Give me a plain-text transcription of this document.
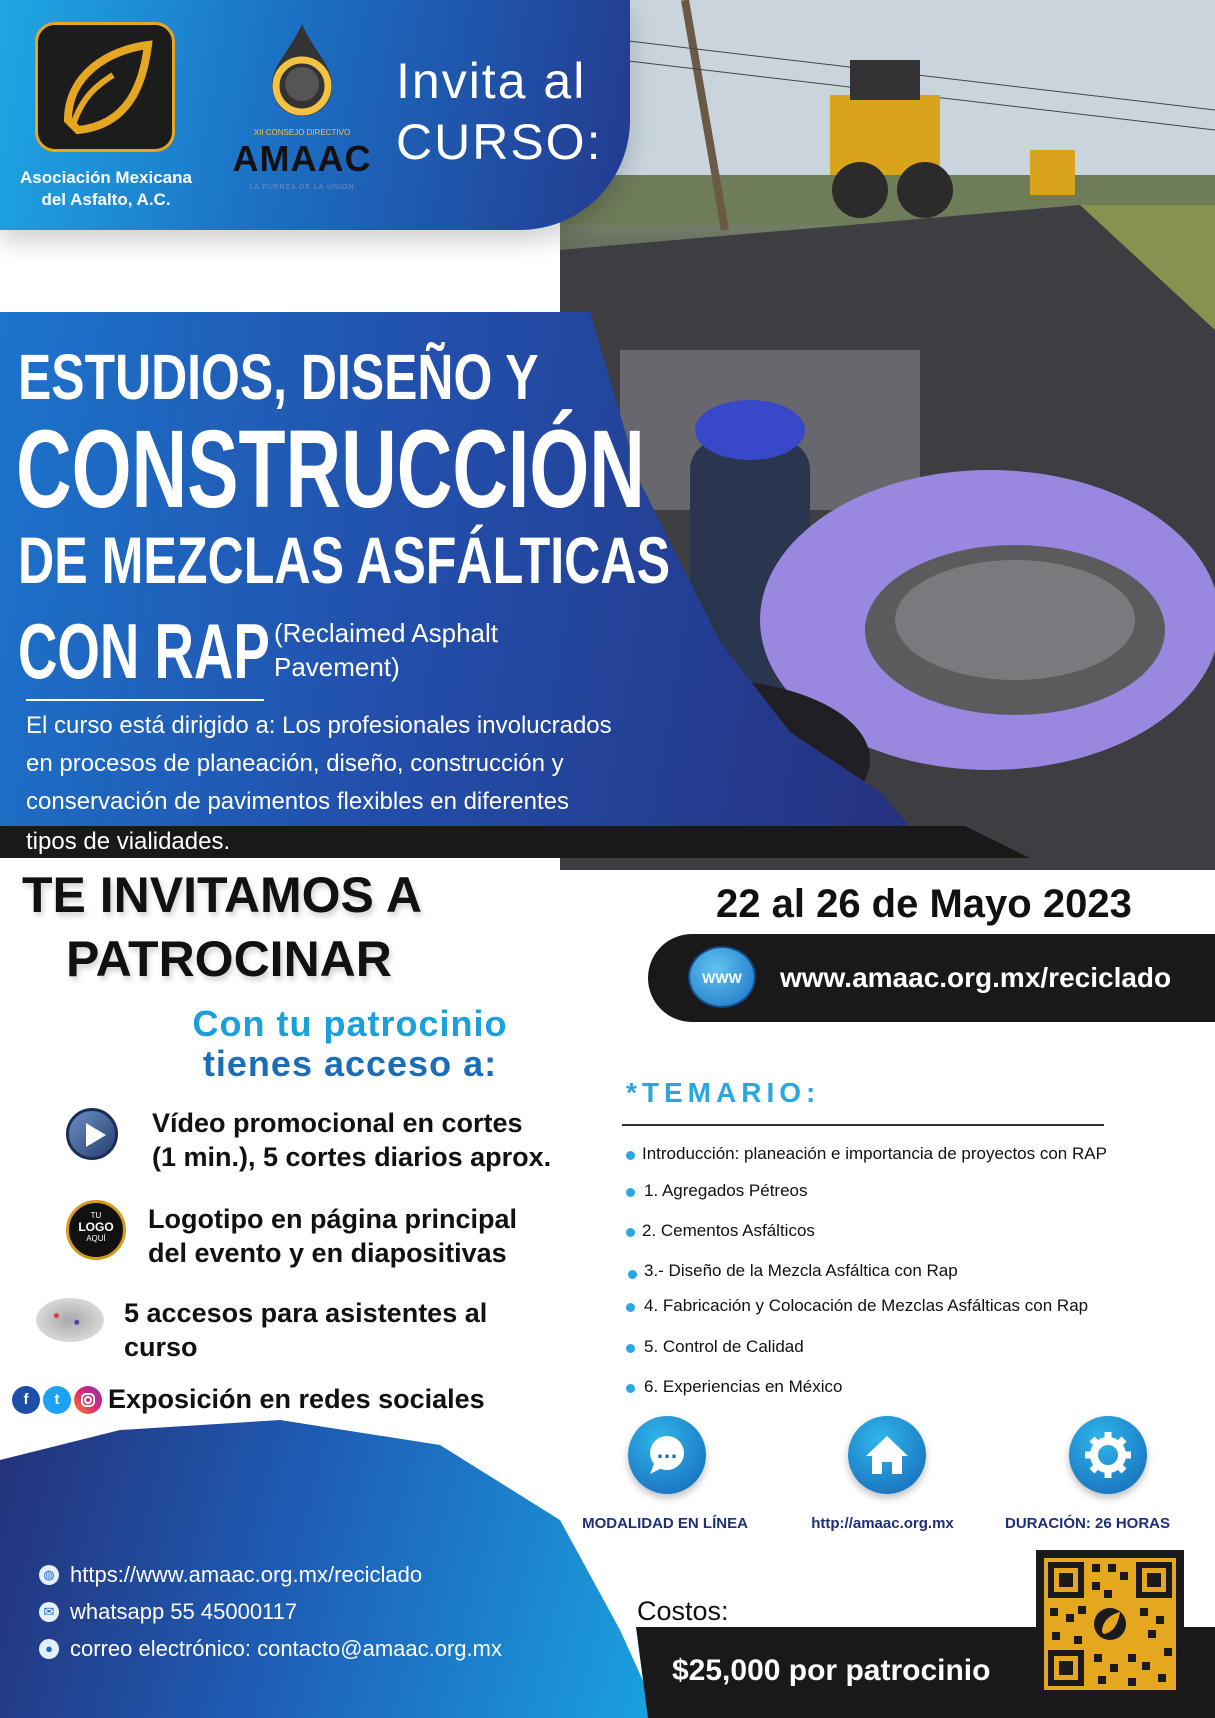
Asociación Mexicana
del Asfalto, A.C.
XII CONSEJO DIRECTIVO
AMAAC
LA FUERZA DE LA UNIÓN
Invita al
CURSO:
ESTUDIOS, DISEÑO Y
CONSTRUCCIÓN
DE MEZCLAS ASFÁLTICAS
CON RAP (Reclaimed Asphalt
Pavement)
El curso está dirigido a: Los profesionales involucrados
en procesos de planeación, diseño, construcción y
conservación de pavimentos flexibles en diferentes
tipos de vialidades.
TE INVITAMOS A
PATROCINAR
Con tu patrocinio
tienes acceso a:
Vídeo promocional en cortes
(1 min.), 5 cortes diarios aprox.
TU
LOGO
AQUÍ
Logotipo en página principal
del evento y en diapositivas
5 accesos para asistentes al
curso
f	t	Exposición en redes sociales
◍ https://www.amaac.org.mx/reciclado
✉ whatsapp 55 45000117
● correo electrónico: contacto@amaac.org.mx
22 al 26 de Mayo 2023
WWW	www.amaac.org.mx/reciclado
*TEMARIO:
Introducción: planeación e importancia de proyectos con RAP
1. Agregados Pétreos
2. Cementos Asfálticos
3.- Diseño de la Mezcla Asfáltica con Rap
4. Fabricación y Colocación de Mezclas Asfálticas con Rap
5. Control de Calidad
6. Experiencias en México
…
MODALIDAD EN LÍNEA	http://amaac.org.mx	DURACIÓN: 26 HORAS
Costos:
$25,000 por patrocinio
